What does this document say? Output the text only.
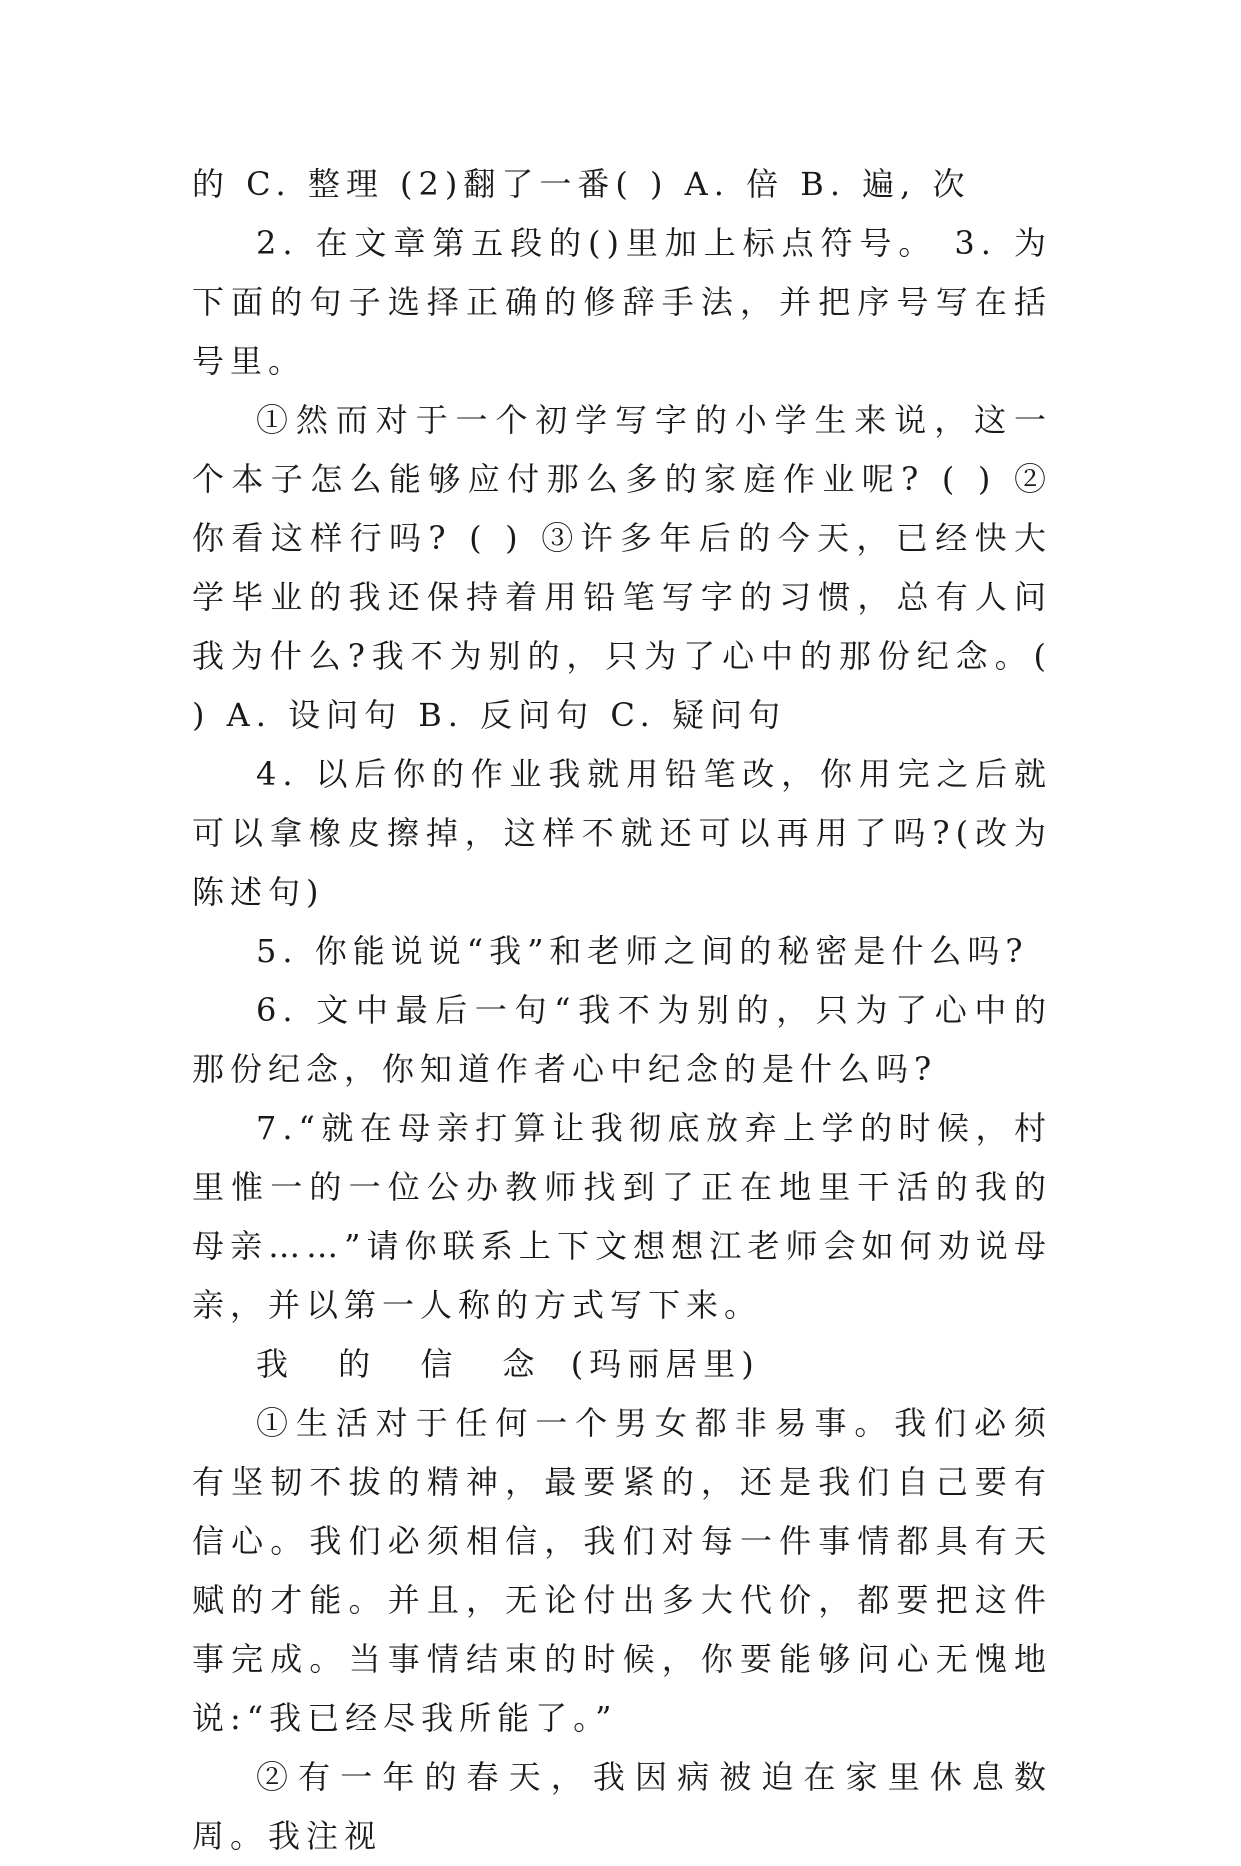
的 C. 整理 (2)翻了一番( ) A. 倍 B. 遍, 次

2. 在文章第五段的()里加上标点符号。 3. 为下面的句子选择正确的修辞手法，并把序号写在括号里。

①然而对于一个初学写字的小学生来说，这一个本子怎么能够应付那么多的家庭作业呢? ( ) ②你看这样行吗? ( ) ③许多年后的今天，已经快大学毕业的我还保持着用铅笔写字的习惯，总有人问我为什么?我不为别的，只为了心中的那份纪念。( ) A. 设问句 B. 反问句 C. 疑问句

4. 以后你的作业我就用铅笔改，你用完之后就可以拿橡皮擦掉，这样不就还可以再用了吗?(改为陈述句)

5. 你能说说“我”和老师之间的秘密是什么吗?

6. 文中最后一句“我不为别的，只为了心中的那份纪念，你知道作者心中纪念的是什么吗?

7.“就在母亲打算让我彻底放弃上学的时候，村里惟一的一位公办教师找到了正在地里干活的我的母亲……”请你联系上下文想想江老师会如何劝说母亲，并以第一人称的方式写下来。

我 的 信 念 (玛丽居里)

①生活对于任何一个男女都非易事。我们必须有坚韧不拔的精神，最要紧的，还是我们自己要有信心。我们必须相信，我们对每一件事情都具有天赋的才能。并且，无论付出多大代价，都要把这件事完成。当事情结束的时候，你要能够问心无愧地说:“我已经尽我所能了。”

②有一年的春天，我因病被迫在家里休息数周。我注视
